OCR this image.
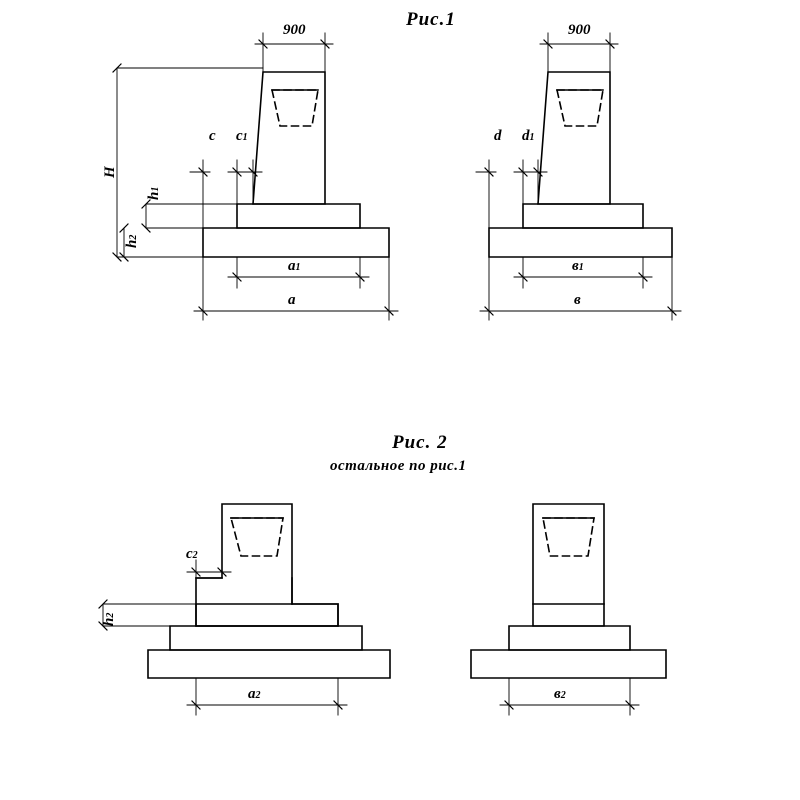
Рис.1
Рис. 2
остальное по рис.1
900
H
h1
h2
c c1
а1
а
900
d d1
в1
в
c2
h2
а2	в2
